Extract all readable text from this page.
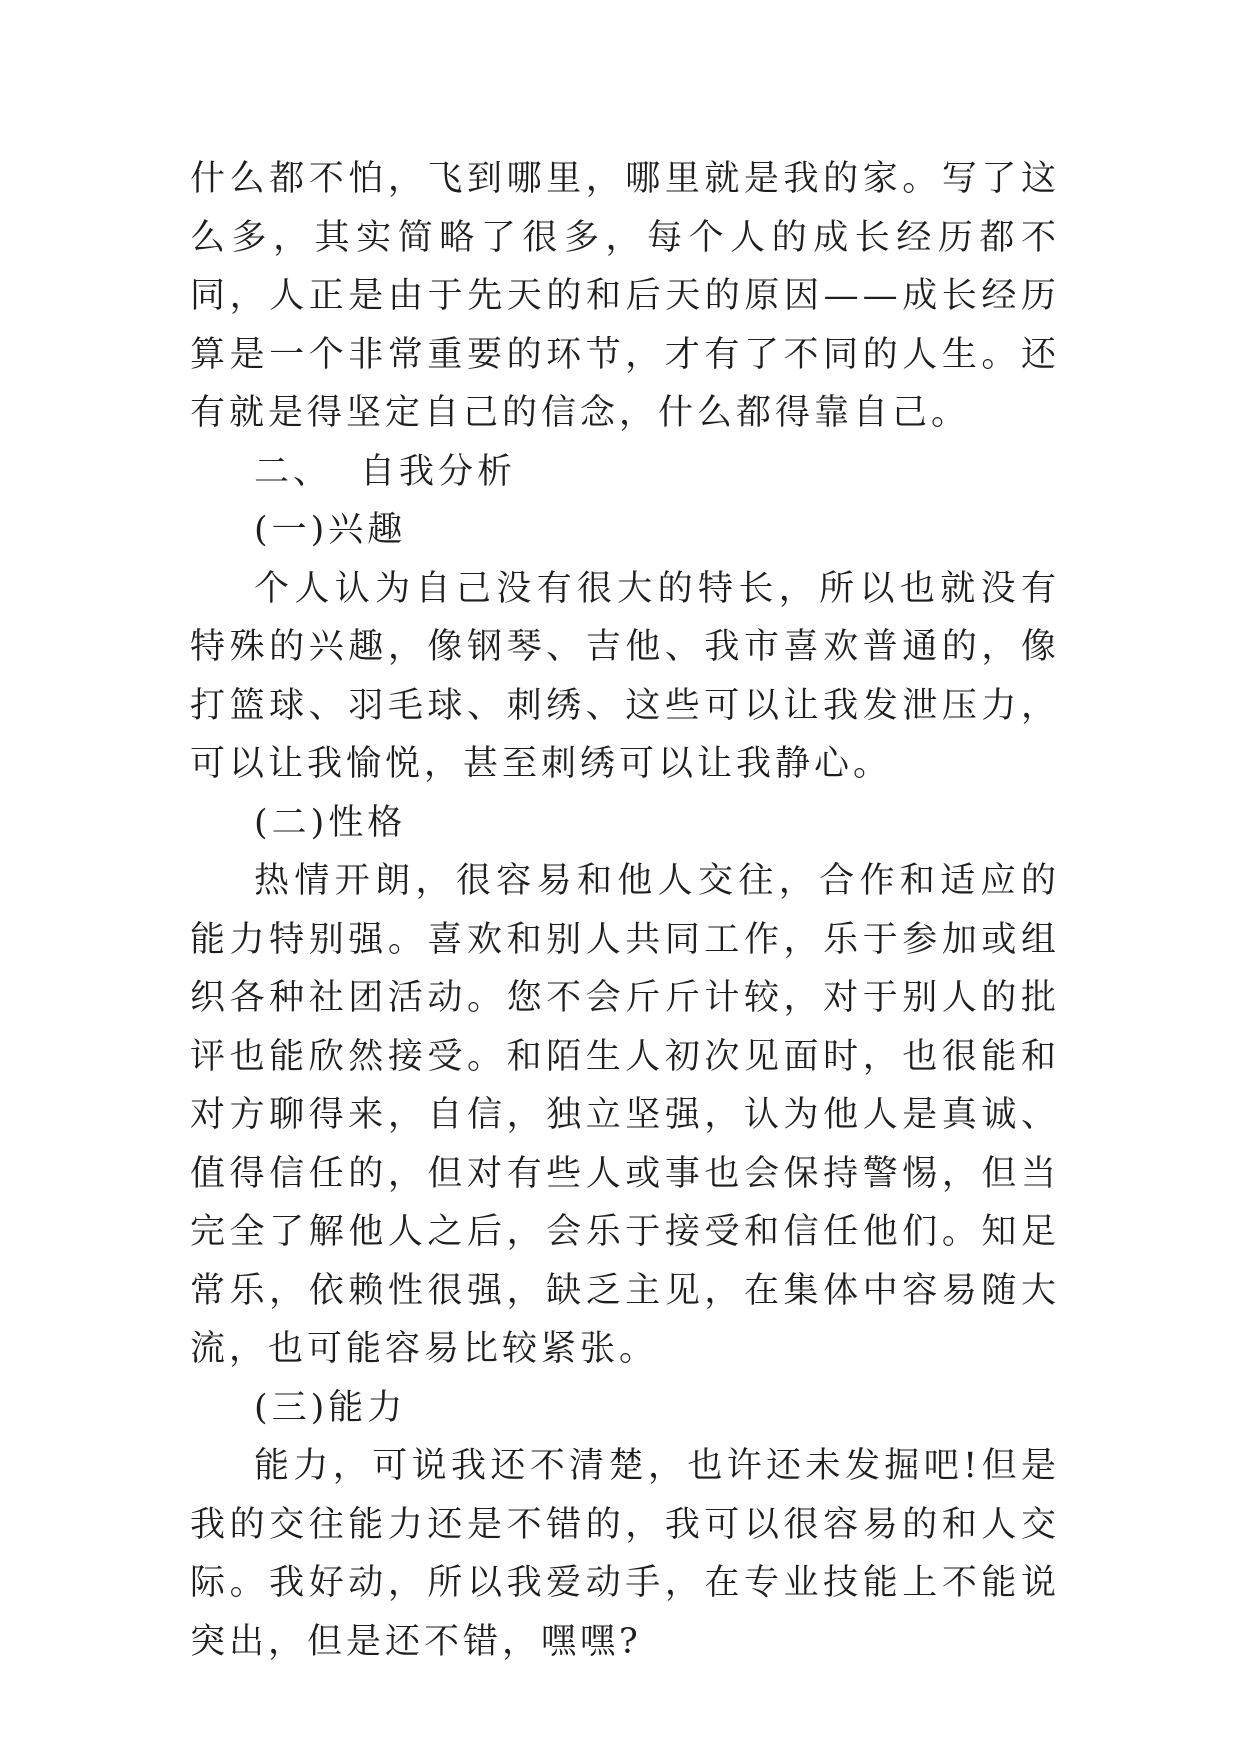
什么都不怕，飞到哪里，哪里就是我的家。写了这么多，其实简略了很多，每个人的成长经历都不同，人正是由于先天的和后天的原因——成长经历算是一个非常重要的环节，才有了不同的人生。还有就是得坚定自己的信念，什么都得靠自己。

二、 自我分析

(一)兴趣

个人认为自己没有很大的特长，所以也就没有特殊的兴趣，像钢琴、吉他、我市喜欢普通的，像打篮球、羽毛球、刺绣、这些可以让我发泄压力，可以让我愉悦，甚至刺绣可以让我静心。

(二)性格

热情开朗，很容易和他人交往，合作和适应的能力特别强。喜欢和别人共同工作，乐于参加或组织各种社团活动。您不会斤斤计较，对于别人的批评也能欣然接受。和陌生人初次见面时，也很能和对方聊得来，自信，独立坚强，认为他人是真诚、值得信任的，但对有些人或事也会保持警惕，但当完全了解他人之后，会乐于接受和信任他们。知足常乐，依赖性很强，缺乏主见，在集体中容易随大流，也可能容易比较紧张。

(三)能力

能力，可说我还不清楚，也许还未发掘吧!但是我的交往能力还是不错的，我可以很容易的和人交际。我好动，所以我爱动手，在专业技能上不能说突出，但是还不错，嘿嘿?
